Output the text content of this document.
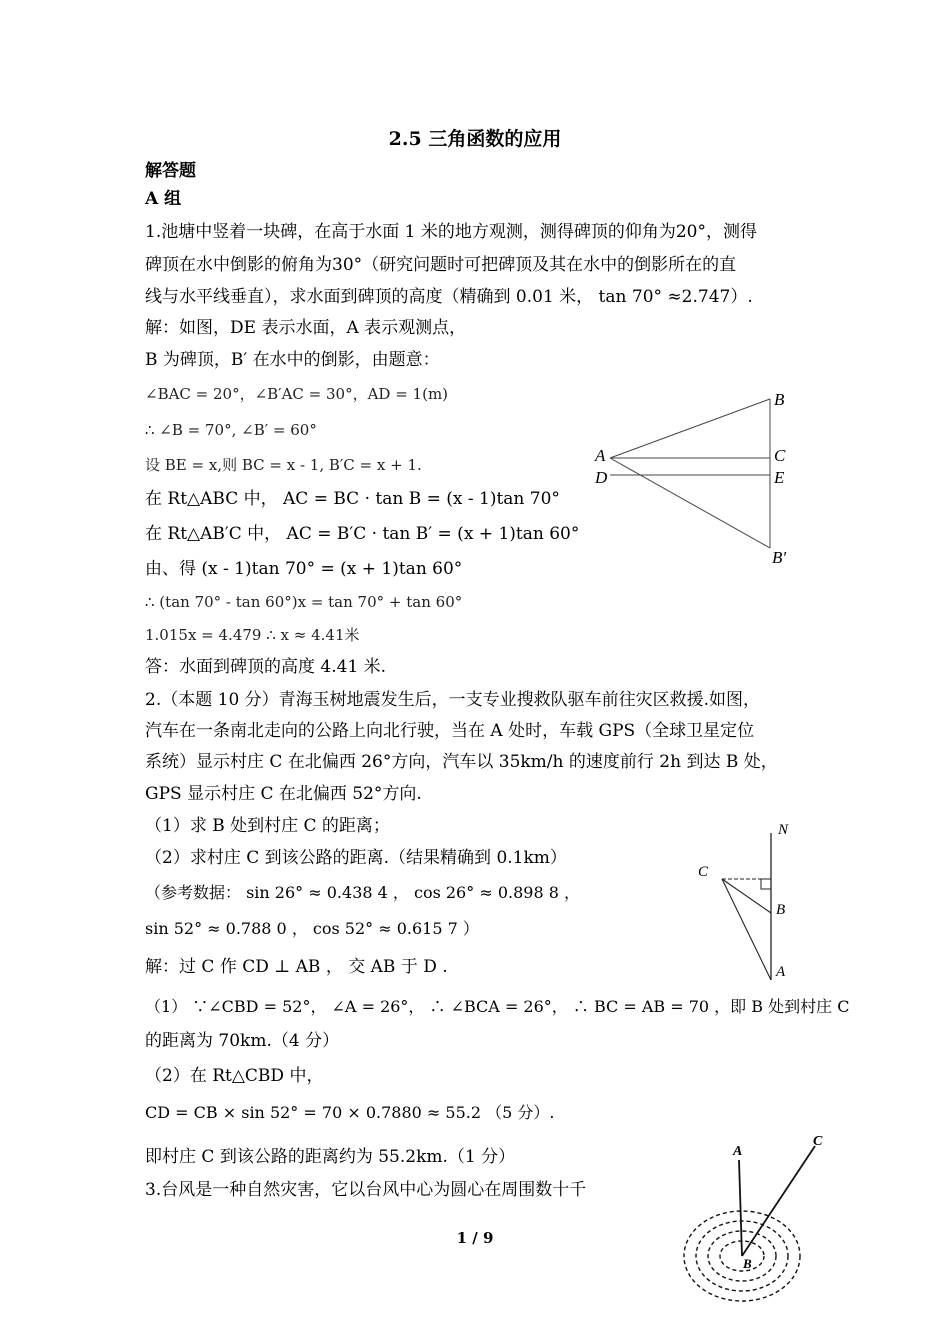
2.5 三角函数的应用
解答题
A 组
1.池塘中竖着一块碑，在高于水面 1 米的地方观测，测得碑顶的仰角为20°，测得
碑顶在水中倒影的俯角为30°（研究问题时可把碑顶及其在水中的倒影所在的直
线与水平线垂直），求水面到碑顶的高度（精确到 0.01 米， tan 70° ≈2.747）.
解：如图，DE 表示水面，A 表示观测点，
B 为碑顶，B′ 在水中的倒影，由题意：
∠BAC = 20°，∠B′AC = 30°，AD = 1(m)
∴ ∠B = 70°, ∠B′ = 60°
设 BE = x,则 BC = x - 1, B′C = x + 1.
在 Rt△ABC 中， AC = BC · tan B = (x - 1)tan 70°
在 Rt△AB′C 中， AC = B′C · tan B′ = (x + 1)tan 60°
由、得 (x - 1)tan 70° = (x + 1)tan 60°
∴ (tan 70° - tan 60°)x = tan 70° + tan 60°
1.015x = 4.479 ∴ x ≈ 4.41米
答：水面到碑顶的高度 4.41 米.
2.（本题 10 分）青海玉树地震发生后，一支专业搜救队驱车前往灾区救援.如图，
汽车在一条南北走向的公路上向北行驶，当在 A 处时，车载 GPS（全球卫星定位
系统）显示村庄 C 在北偏西 26°方向，汽车以 35km/h 的速度前行 2h 到达 B 处，
GPS 显示村庄 C 在北偏西 52°方向.
（1）求 B 处到村庄 C 的距离；
（2）求村庄 C 到该公路的距离.（结果精确到 0.1km）
（参考数据： sin 26° ≈ 0.438 4 ， cos 26° ≈ 0.898 8 ，
sin 52° ≈ 0.788 0 ， cos 52° ≈ 0.615 7 ）
解：过 C 作 CD ⊥ AB ， 交 AB 于 D .
（1） ∵∠CBD = 52°， ∠A = 26°， ∴ ∠BCA = 26°， ∴ BC = AB = 70 ，即 B 处到村庄 C
的距离为 70km.（4 分）
（2）在 Rt△CBD 中，
CD = CB × sin 52° = 70 × 0.7880 ≈ 55.2 （5 分）.
即村庄 C 到该公路的距离约为 55.2km.（1 分）
3.台风是一种自然灾害，它以台风中心为圆心在周围数十千
B
A	C
D	E
B′
N
C
B
A
A
C
B
1 / 9
